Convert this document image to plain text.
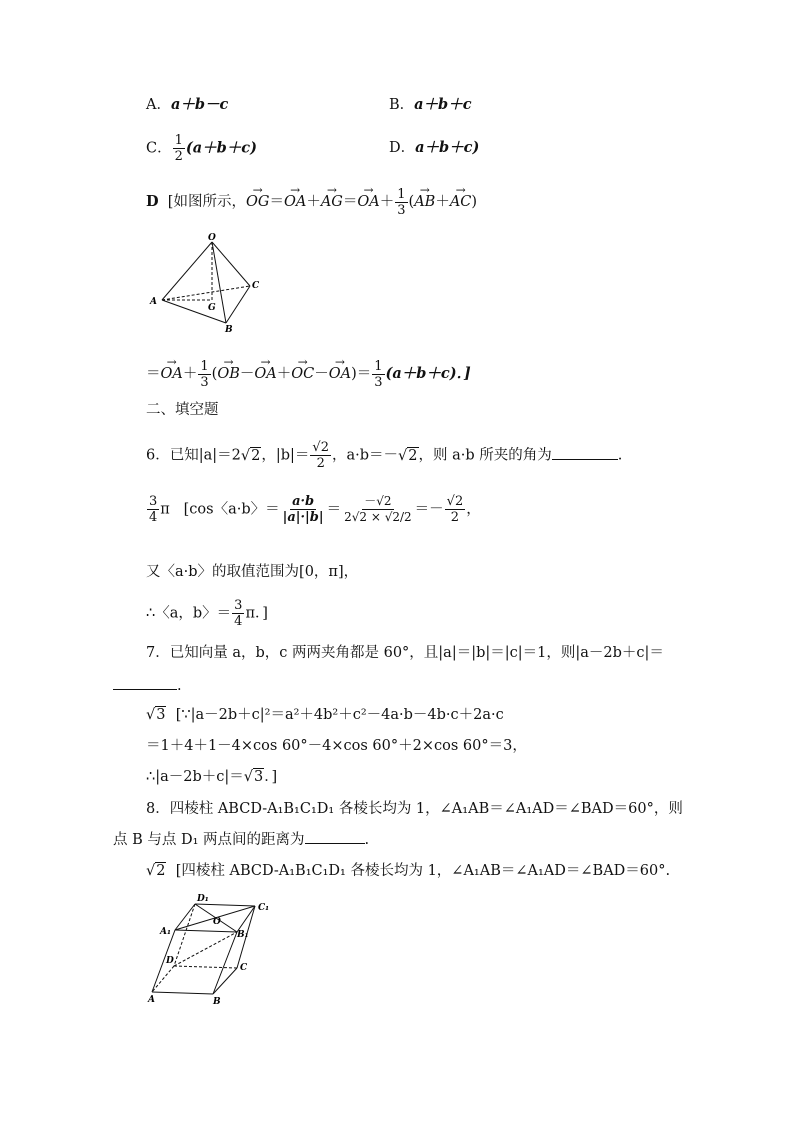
A．a＋b－c	B．a＋b＋c
C． $\frac{1}{2} (a+b+c)$	D．a＋b＋c)
D [如图所示，→ $OG=\to OA+\to AG=\to OA+ \frac{1}{3}$ (→ AB＋→ AC)
O
A
B
C
G
＝→ $OA+ \frac{1}{3}$ (→ $OB-\to OA+\to OC-\to OA)= \frac{1}{3} (a+b+c)$．]
二、填空题
6．已知|a|＝2√2，$|b|= \frac{√2}{2}$ ，a·b＝－√2，则 a·b 所夹的角为	.
$\frac{3}{4}$ π [cos〈a·b〉＝ $\frac{a\cdot b}{|a|\cdot|b|} = \frac{-√2}{2√2 \times √2/2} =- \frac{√2}{2}$ ，
又〈a·b〉的取值范围为[0，π]，
∴〈a，b〉＝ $\frac{3}{4}$ π．]
7．已知向量 a，b，c 两两夹角都是 60°，且|a|＝|b|＝|c|＝1，则|a－2b＋c|＝
.
√3 [∵|a－2b＋c|²＝a²＋4b²＋c²－4a·b－4b·c＋2a·c
＝1＋4＋1－4×cos 60°－4×cos 60°＋2×cos 60°＝3，
∴|a－2b＋c|＝√3．]
8．四棱柱 ABCD-A₁B₁C₁D₁ 各棱长均为 1，∠A₁AB＝∠A₁AD＝∠BAD＝60°，则
点 B 与点 D₁ 两点间的距离为	.
√2 [四棱柱 ABCD-A₁B₁C₁D₁ 各棱长均为 1，∠A₁AB＝∠A₁AD＝∠BAD＝60°.
D₁
C₁
A₁	B₁
O
D
C
A	B
